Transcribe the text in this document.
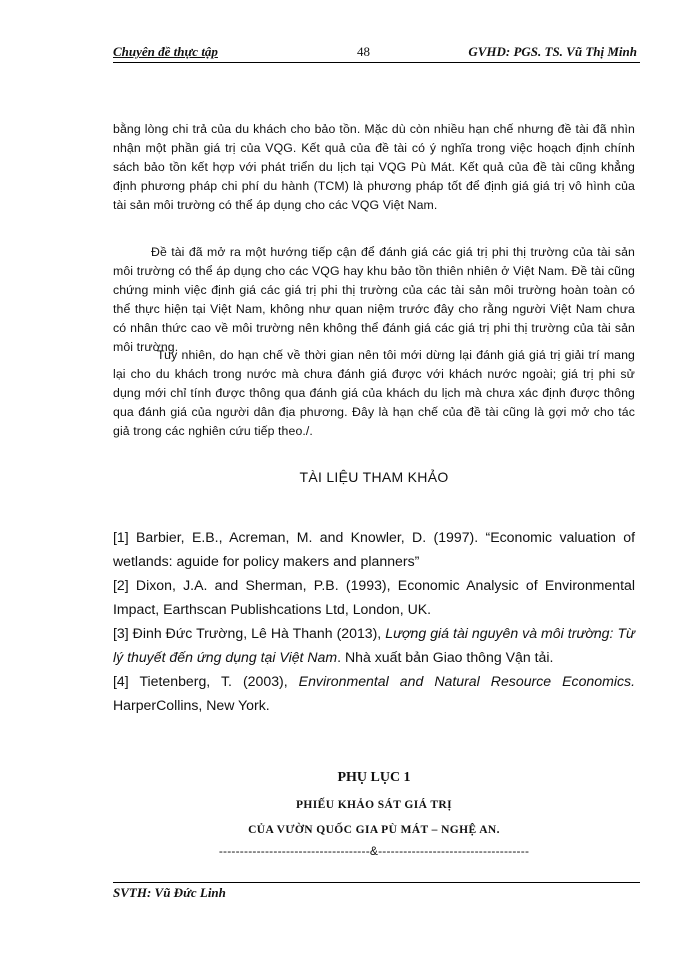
Chuyên đề thực tập	48	GVHD: PGS. TS. Vũ Thị Minh

bằng lòng chi trả của du khách cho bảo tồn. Mặc dù còn nhiều hạn chế nhưng đề tài đã nhìn nhận một phần giá trị của VQG. Kết quả của đề tài có ý nghĩa trong việc hoạch định chính sách bảo tồn kết hợp với phát triển du lịch tại VQG Pù Mát. Kết quả của đề tài cũng khẳng định phương pháp chi phí du hành (TCM) là phương pháp tốt để định giá giá trị vô hình của tài sản môi trường có thể áp dụng cho các VQG Việt Nam.

Đề tài đã mở ra một hướng tiếp cận để đánh giá các giá trị phi thị trường của tài sản môi trường có thể áp dụng cho các VQG hay khu bảo tồn thiên nhiên ở Việt Nam. Đề tài cũng chứng minh việc định giá các giá trị phi thị trường của các tài sản môi trường hoàn toàn có thể thực hiện tại Việt Nam, không như quan niệm trước đây cho rằng người Việt Nam chưa có nhân thức cao về môi trường nên không thể đánh giá các giá trị phi thị trường của tài sản môi trường.

Tuy nhiên, do hạn chế về thời gian nên tôi mới dừng lại đánh giá giá trị giải trí mang lại cho du khách trong nước mà chưa đánh giá được với khách nước ngoài; giá trị phi sử dụng mới chỉ tính được thông qua đánh giá của khách du lịch mà chưa xác định được thông qua đánh giá của người dân địa phương. Đây là hạn chế của đề tài cũng là gợi mở cho tác giả trong các nghiên cứu tiếp theo./.

TÀI LIỆU THAM KHẢO

[1] Barbier, E.B., Acreman, M. and Knowler, D. (1997). “Economic valuation of wetlands: aguide for policy makers and planners”

[2] Dixon, J.A. and Sherman, P.B. (1993), Economic Analysic of Environmental Impact, Earthscan Publishcations Ltd, London, UK.

[3] Đinh Đức Trường, Lê Hà Thanh (2013), Lượng giá tài nguyên và môi trường: Từ lý thuyết đến ứng dụng tại Việt Nam. Nhà xuất bản Giao thông Vận tải.

[4] Tietenberg, T. (2003), Environmental and Natural Resource Economics. HarperCollins, New York.

PHỤ LỤC 1
PHIẾU KHẢO SÁT GIÁ TRỊ
CỦA VƯỜN QUỐC GIA PÙ MÁT – NGHỆ AN.
------------------------------------&------------------------------------
SVTH: Vũ Đức Linh
